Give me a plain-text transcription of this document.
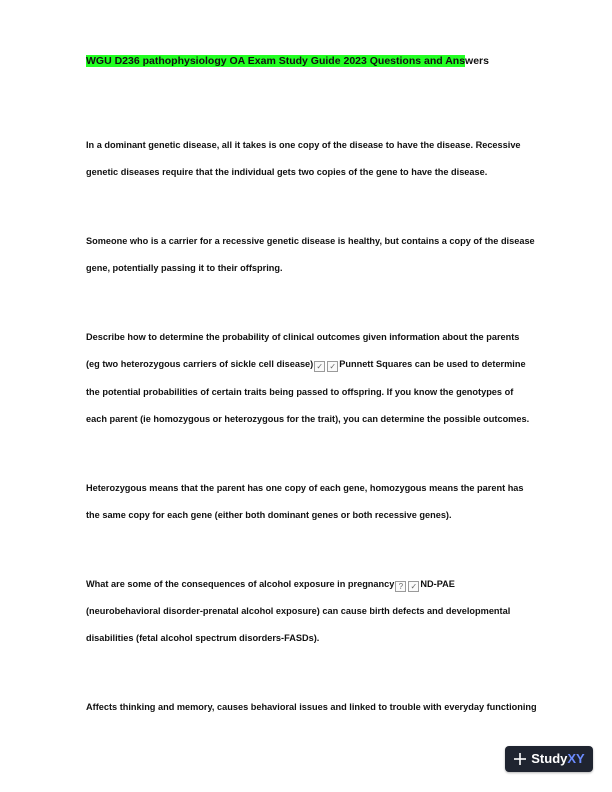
WGU D236 pathophysiology OA Exam Study Guide 2023 Questions and Answers
In a dominant genetic disease, all it takes is one copy of the disease to have the disease. Recessive
genetic diseases require that the individual gets two copies of the gene to have the disease.
Someone who is a carrier for a recessive genetic disease is healthy, but contains a copy of the disease
gene, potentially passing it to their offspring.
Describe how to determine the probability of clinical outcomes given information about the parents
(eg two heterozygous carriers of sickle cell disease) ✓ ✓ Punnett Squares can be used to determine
the potential probabilities of certain traits being passed to offspring. If you know the genotypes of
each parent (ie homozygous or heterozygous for the trait), you can determine the possible outcomes.
Heterozygous means that the parent has one copy of each gene, homozygous means the parent has
the same copy for each gene (either both dominant genes or both recessive genes).
What are some of the consequences of alcohol exposure in pregnancy ? ✓ ND-PAE
(neurobehavioral disorder-prenatal alcohol exposure) can cause birth defects and developmental
disabilities (fetal alcohol spectrum disorders-FASDs).
Affects thinking and memory, causes behavioral issues and linked to trouble with everyday functioning
StudyXY
